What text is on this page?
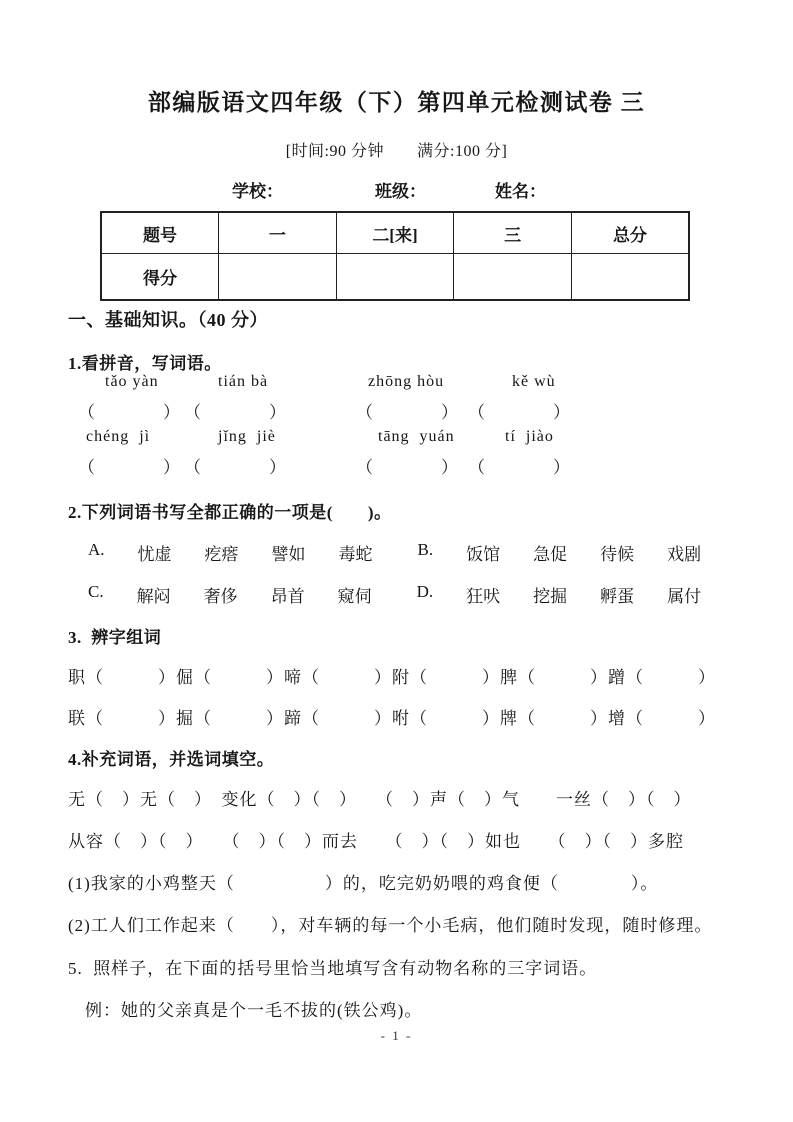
部编版语文四年级（下）第四单元检测试卷 三
[时间:90 分钟　　满分:100 分]
学校：	班级：	姓名：
题号	一	二[来]	三	总分
得分				
一、基础知识。（40 分）
1.看拼音，写词语。
tǎo yàn	tián bà	zhōng hòu	kě wù
（　　　　） （　　　　）	（　　　　） （　　　　）
chéng  jì	jǐng  jiè	tāng  yuán	tí  jiào
（　　　　） （　　　　）	（　　　　） （　　　　）
2.下列词语书写全都正确的一项是(　　)。
A. 忧虚 疙瘩 譬如 毒蛇	B. 饭馆 急促 待候 戏剧
C. 解闷 奢侈 昂首 窥伺	D. 狂吠 挖掘 孵蛋 属付
3.  辨字组词
职（　　　）倔（　　　）啼（　　　）附（　　　）脾（　　　）蹭（　　　）
联（　　　）掘（　　　）蹄（　　　）咐（　　　）牌（　　　）增（　　　）
4.补充词语，并选词填空。
无（　）无（　）　变化（　）（　）　　（　）声（　）气　　一丝（　）（　）
从容（　）（　）　　（　）（　）而去　　（　）（　）如也　　（　）（　）多腔
(1)我家的小鸡整天（　　　　　）的，吃完奶奶喂的鸡食便（　　　　）。
(2)工人们工作起来（　　），对车辆的每一个小毛病，他们随时发现，随时修理。
5.  照样子，在下面的括号里恰当地填写含有动物名称的三字词语。
例：她的父亲真是个一毛不拔的(铁公鸡)。
- 1 -
